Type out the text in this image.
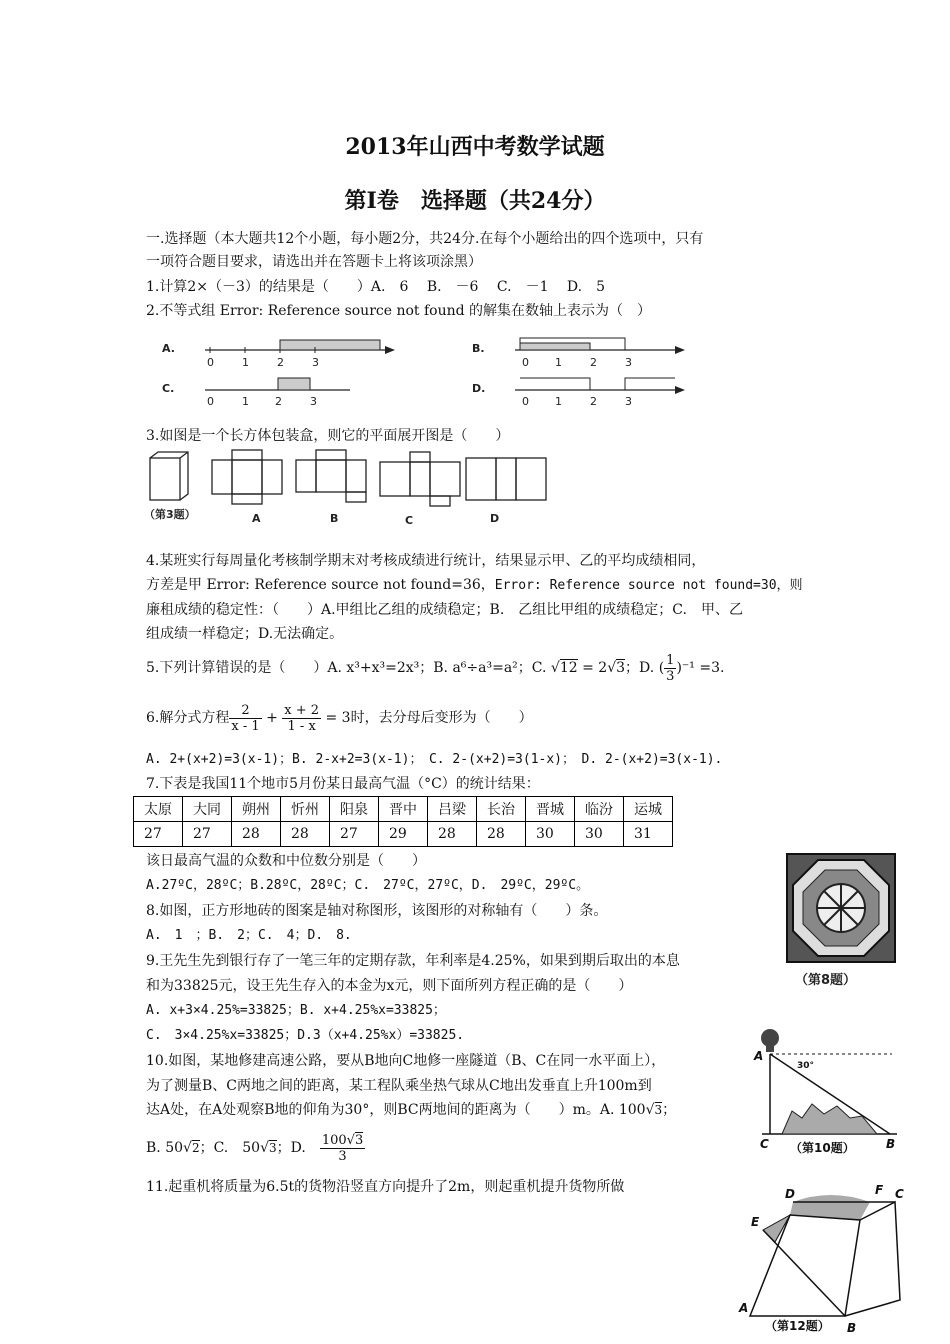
2013年山西中考数学试题
第Ⅰ卷　选择题（共24分）
一.选择题（本大题共12个小题，每小题2分，共24分.在每个小题给出的四个选项中，只有
一项符合题目要求，请选出并在答题卡上将该项涂黑）
1.计算2×（－3）的结果是（　　）A.　6　 B.　－6　 C.　－1　 D.　5
2.不等式组 Error: Reference source not found 的解集在数轴上表示为（　）
A.
0	1	2	3
B.
0 1	2	3
C.
0	1 2	3
D.
0 1	2	3
3.如图是一个长方体包装盒，则它的平面展开图是（　　）
（第3题）	A	B	C	D
4.某班实行每周量化考核制学期末对考核成绩进行统计，结果显示甲、乙的平均成绩相同，
方差是甲 Error: Reference source not found=36，Error: Reference source not found=30，则
廉租成绩的稳定性：（　　）A.甲组比乙组的成绩稳定；B.　乙组比甲组的成绩稳定；C.　甲、乙
组成绩一样稳定；D.无法确定。
5.下列计算错误的是（　　）A. x³+x³=2x³；B. a⁶÷a³=a²；C. √12 = 2√3；D. ( $\frac{1}{3} )^{-1} =3$.
6.解分式方程 $\frac{2}{x - 1} + \frac{x + 2}{1 - x} = 3$时，去分母后变形为（　　）
A. 2+(x+2)=3(x-1)；B. 2-x+2=3(x-1)；　C. 2-(x+2)=3(1-x)；　D. 2-(x+2)=3(x-1).
7.下表是我国11个地市5月份某日最高气温（°C）的统计结果：
太原	大同	朔州	忻州	阳泉	晋中	吕梁	长治	晋城	临汾	运城
27	27	28	28	27	29	28	28	30	30	31
该日最高气温的众数和中位数分别是（　　）
A.27ºC，28ºC；B.28ºC，28ºC；C.　27ºC，27ºC，D.　29ºC，29ºC。
8.如图，正方形地砖的图案是轴对称图形，该图形的对称轴有（　　）条。
A.　1　；B.　2；C.　4；D.　8.
9.王先生先到银行存了一笔三年的定期存款，年利率是4.25%，如果到期后取出的本息
和为33825元，设王先生存入的本金为x元，则下面所列方程正确的是（　　）
A. x+3×4.25%=33825；B. x+4.25%x=33825；
C.　3×4.25%x=33825；D.3（x+4.25%x）=33825.
（第8题）
10.如图，某地修建高速公路，要从B地向C地修一座隧道（B、C在同一水平面上），
为了测量B、C两地之间的距离，某工程队乘坐热气球从C地出发垂直上升100m到
达A处，在A处观察B地的仰角为30°，则BC两地间的距离为（　　）m。A. 100√3；
B. 50√2；C.　50√3；D.　 $\frac{100√3}{3}$
A
30°
C	B
（第10题）
11.起重机将质量为6.5t的货物沿竖直方向提升了2m，则起重机提升货物所做	D	F C
E
A
B
（第12题）
